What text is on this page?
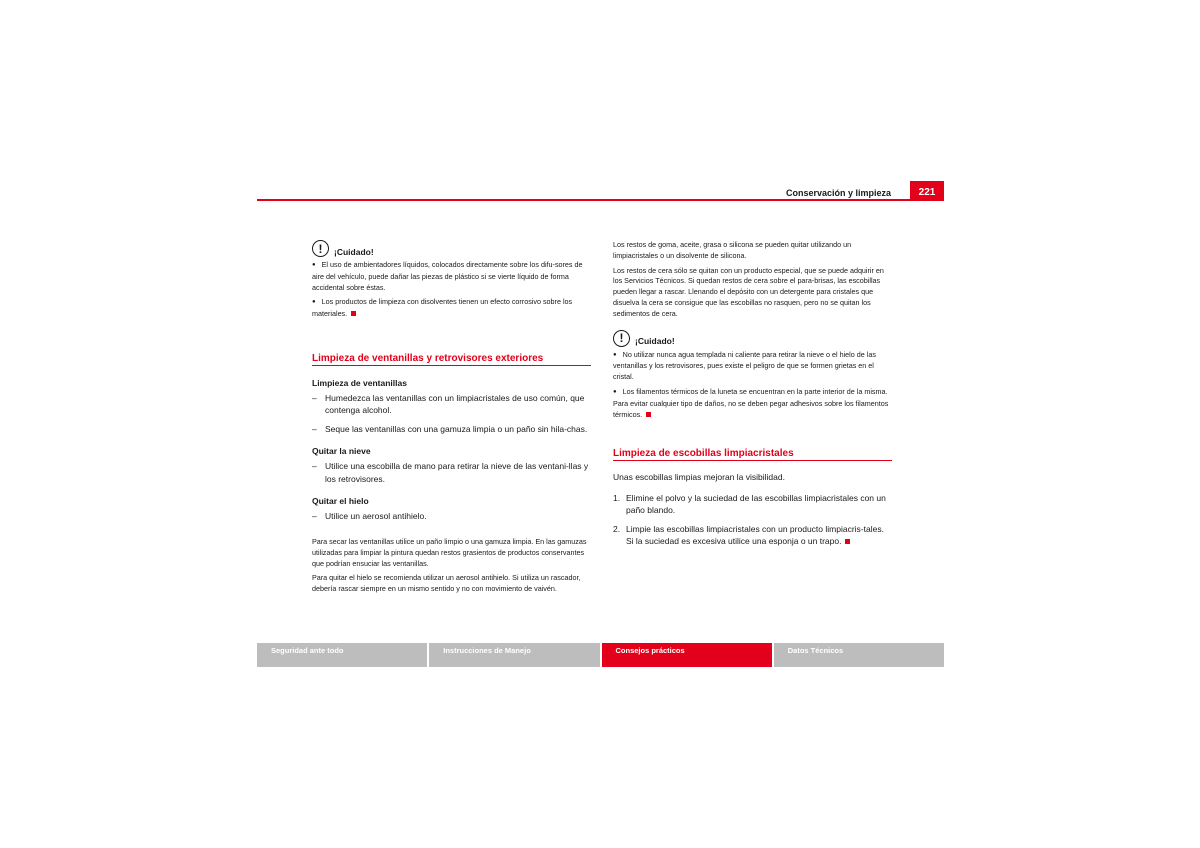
Conservación y limpieza	221
!	¡Cuidado!

● El uso de ambientadores líquidos, colocados directamente sobre los difu-sores de aire del vehículo, puede dañar las piezas de plástico si se vierte líquido de forma accidental sobre éstas.

● Los productos de limpieza con disolventes tienen un efecto corrosivo sobre los materiales.

Limpieza de ventanillas y retrovisores exteriores
Limpieza de ventanillas
– Humedezca las ventanillas con un limpiacristales de uso común, que contenga alcohol.
– Seque las ventanillas con una gamuza limpia o un paño sin hila-chas.
Quitar la nieve
– Utilice una escobilla de mano para retirar la nieve de las ventani-llas y los retrovisores.
Quitar el hielo
– Utilice un aerosol antihielo.

Para secar las ventanillas utilice un paño limpio o una gamuza limpia. En las gamuzas utilizadas para limpiar la pintura quedan restos grasientos de productos conservantes que podrían ensuciar las ventanillas.

Para quitar el hielo se recomienda utilizar un aerosol antihielo. Si utiliza un rascador, debería rascar siempre en un mismo sentido y no con movimiento de vaivén.

Los restos de goma, aceite, grasa o silicona se pueden quitar utilizando un limpiacristales o un disolvente de silicona.

Los restos de cera sólo se quitan con un producto especial, que se puede adquirir en los Servicios Técnicos. Si quedan restos de cera sobre el para-brisas, las escobillas pueden llegar a rascar. Llenando el depósito con un detergente para cristales que disuelva la cera se consigue que las escobillas no rasquen, pero no se quitan los sedimentos de cera.

!	¡Cuidado!

● No utilizar nunca agua templada ni caliente para retirar la nieve o el hielo de las ventanillas y los retrovisores, pues existe el peligro de que se formen grietas en el cristal.

● Los filamentos térmicos de la luneta se encuentran en la parte interior de la misma. Para evitar cualquier tipo de daños, no se deben pegar adhesivos sobre los filamentos térmicos.

Limpieza de escobillas limpiacristales

Unas escobillas limpias mejoran la visibilidad.

1. Elimine el polvo y la suciedad de las escobillas limpiacristales con un paño blando.
2. Limpie las escobillas limpiacristales con un producto limpiacris-tales. Si la suciedad es excesiva utilice una esponja o un trapo.
Seguridad ante todo	Instrucciones de Manejo	Consejos prácticos	Datos Técnicos
